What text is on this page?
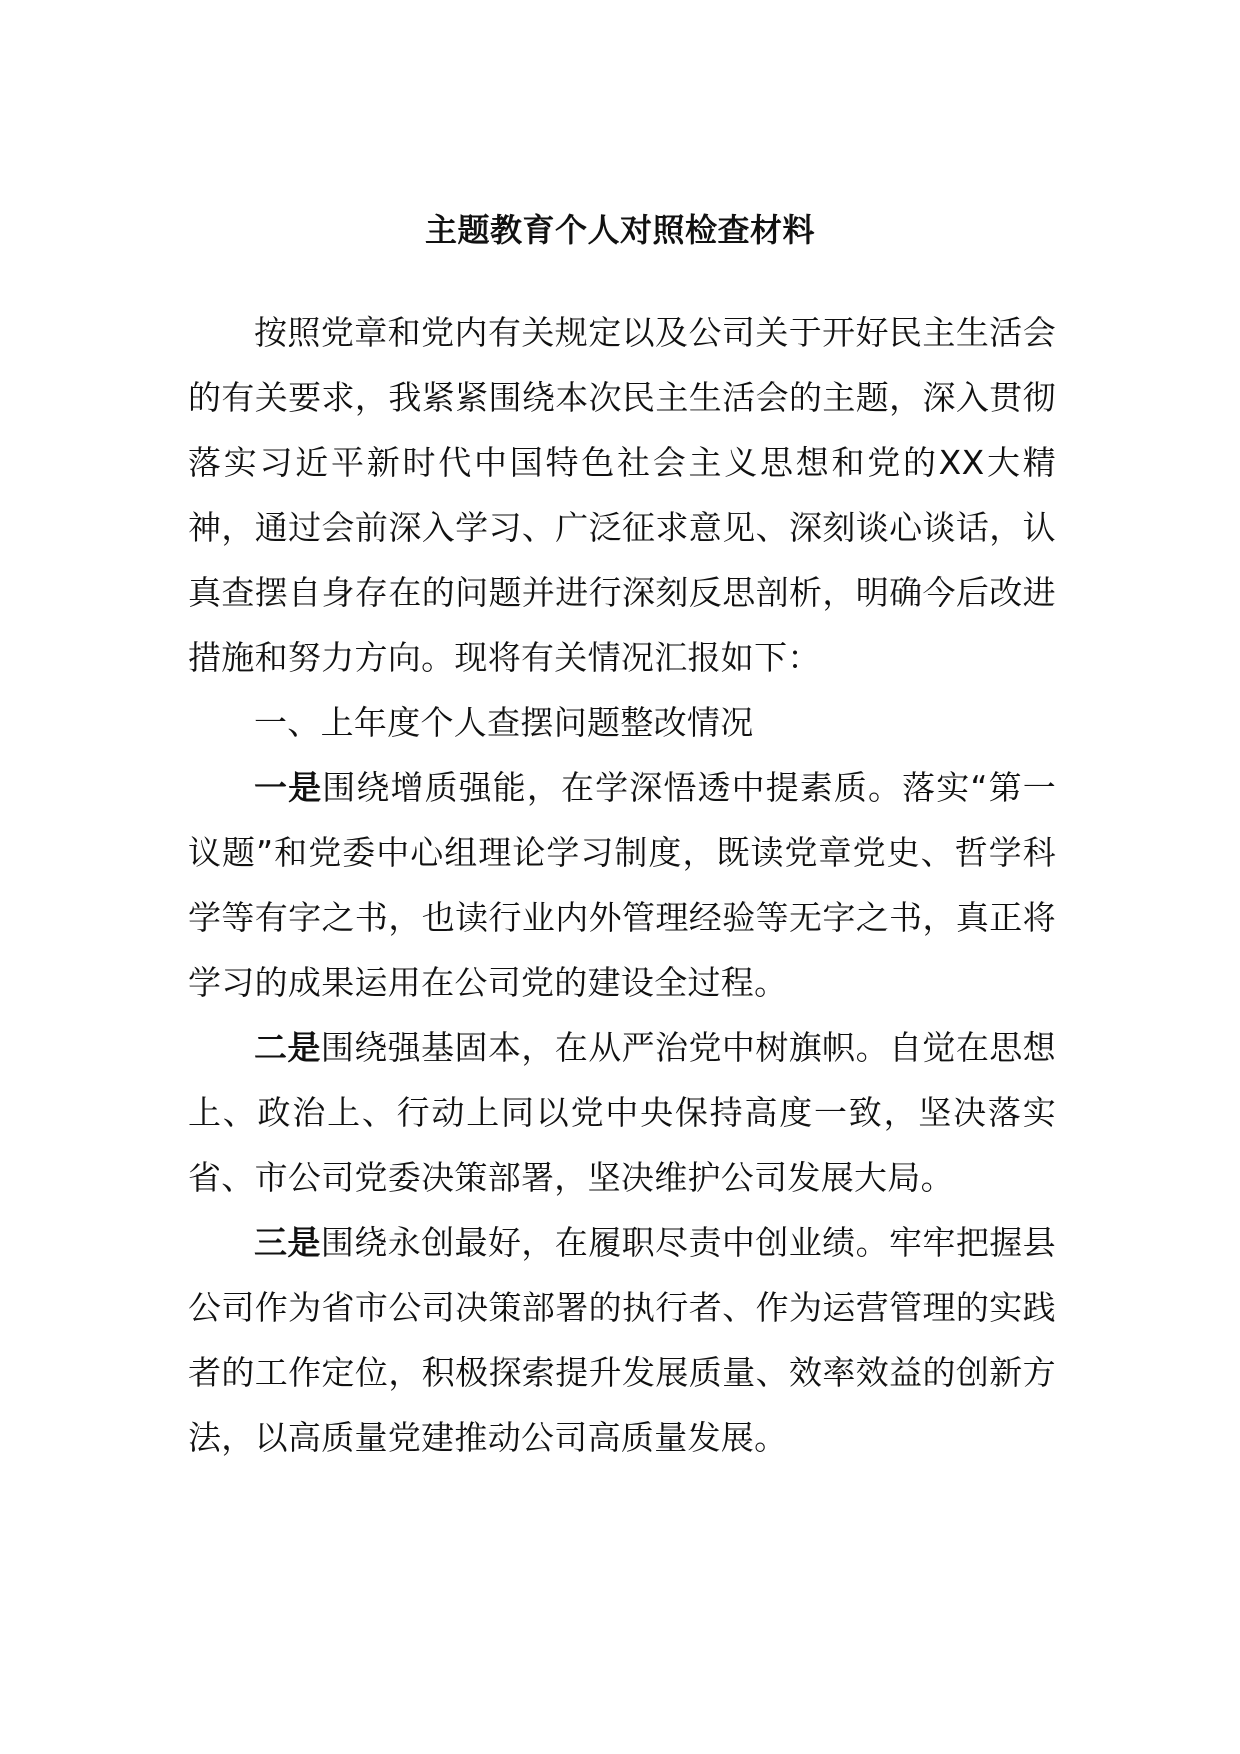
主题教育个人对照检查材料

按照党章和党内有关规定以及公司关于开好民主生活会的有关要求，我紧紧围绕本次民主生活会的主题，深入贯彻落实习近平新时代中国特色社会主义思想和党的XX大精神，通过会前深入学习、广泛征求意见、深刻谈心谈话，认真查摆自身存在的问题并进行深刻反思剖析，明确今后改进措施和努力方向。现将有关情况汇报如下：

一、上年度个人查摆问题整改情况

一是围绕增质强能，在学深悟透中提素质。落实“第一议题”和党委中心组理论学习制度，既读党章党史、哲学科学等有字之书，也读行业内外管理经验等无字之书，真正将学习的成果运用在公司党的建设全过程。

二是围绕强基固本，在从严治党中树旗帜。自觉在思想上、政治上、行动上同以党中央保持高度一致，坚决落实省、市公司党委决策部署，坚决维护公司发展大局。

三是围绕永创最好，在履职尽责中创业绩。牢牢把握县公司作为省市公司决策部署的执行者、作为运营管理的实践者的工作定位，积极探索提升发展质量、效率效益的创新方法，以高质量党建推动公司高质量发展。
